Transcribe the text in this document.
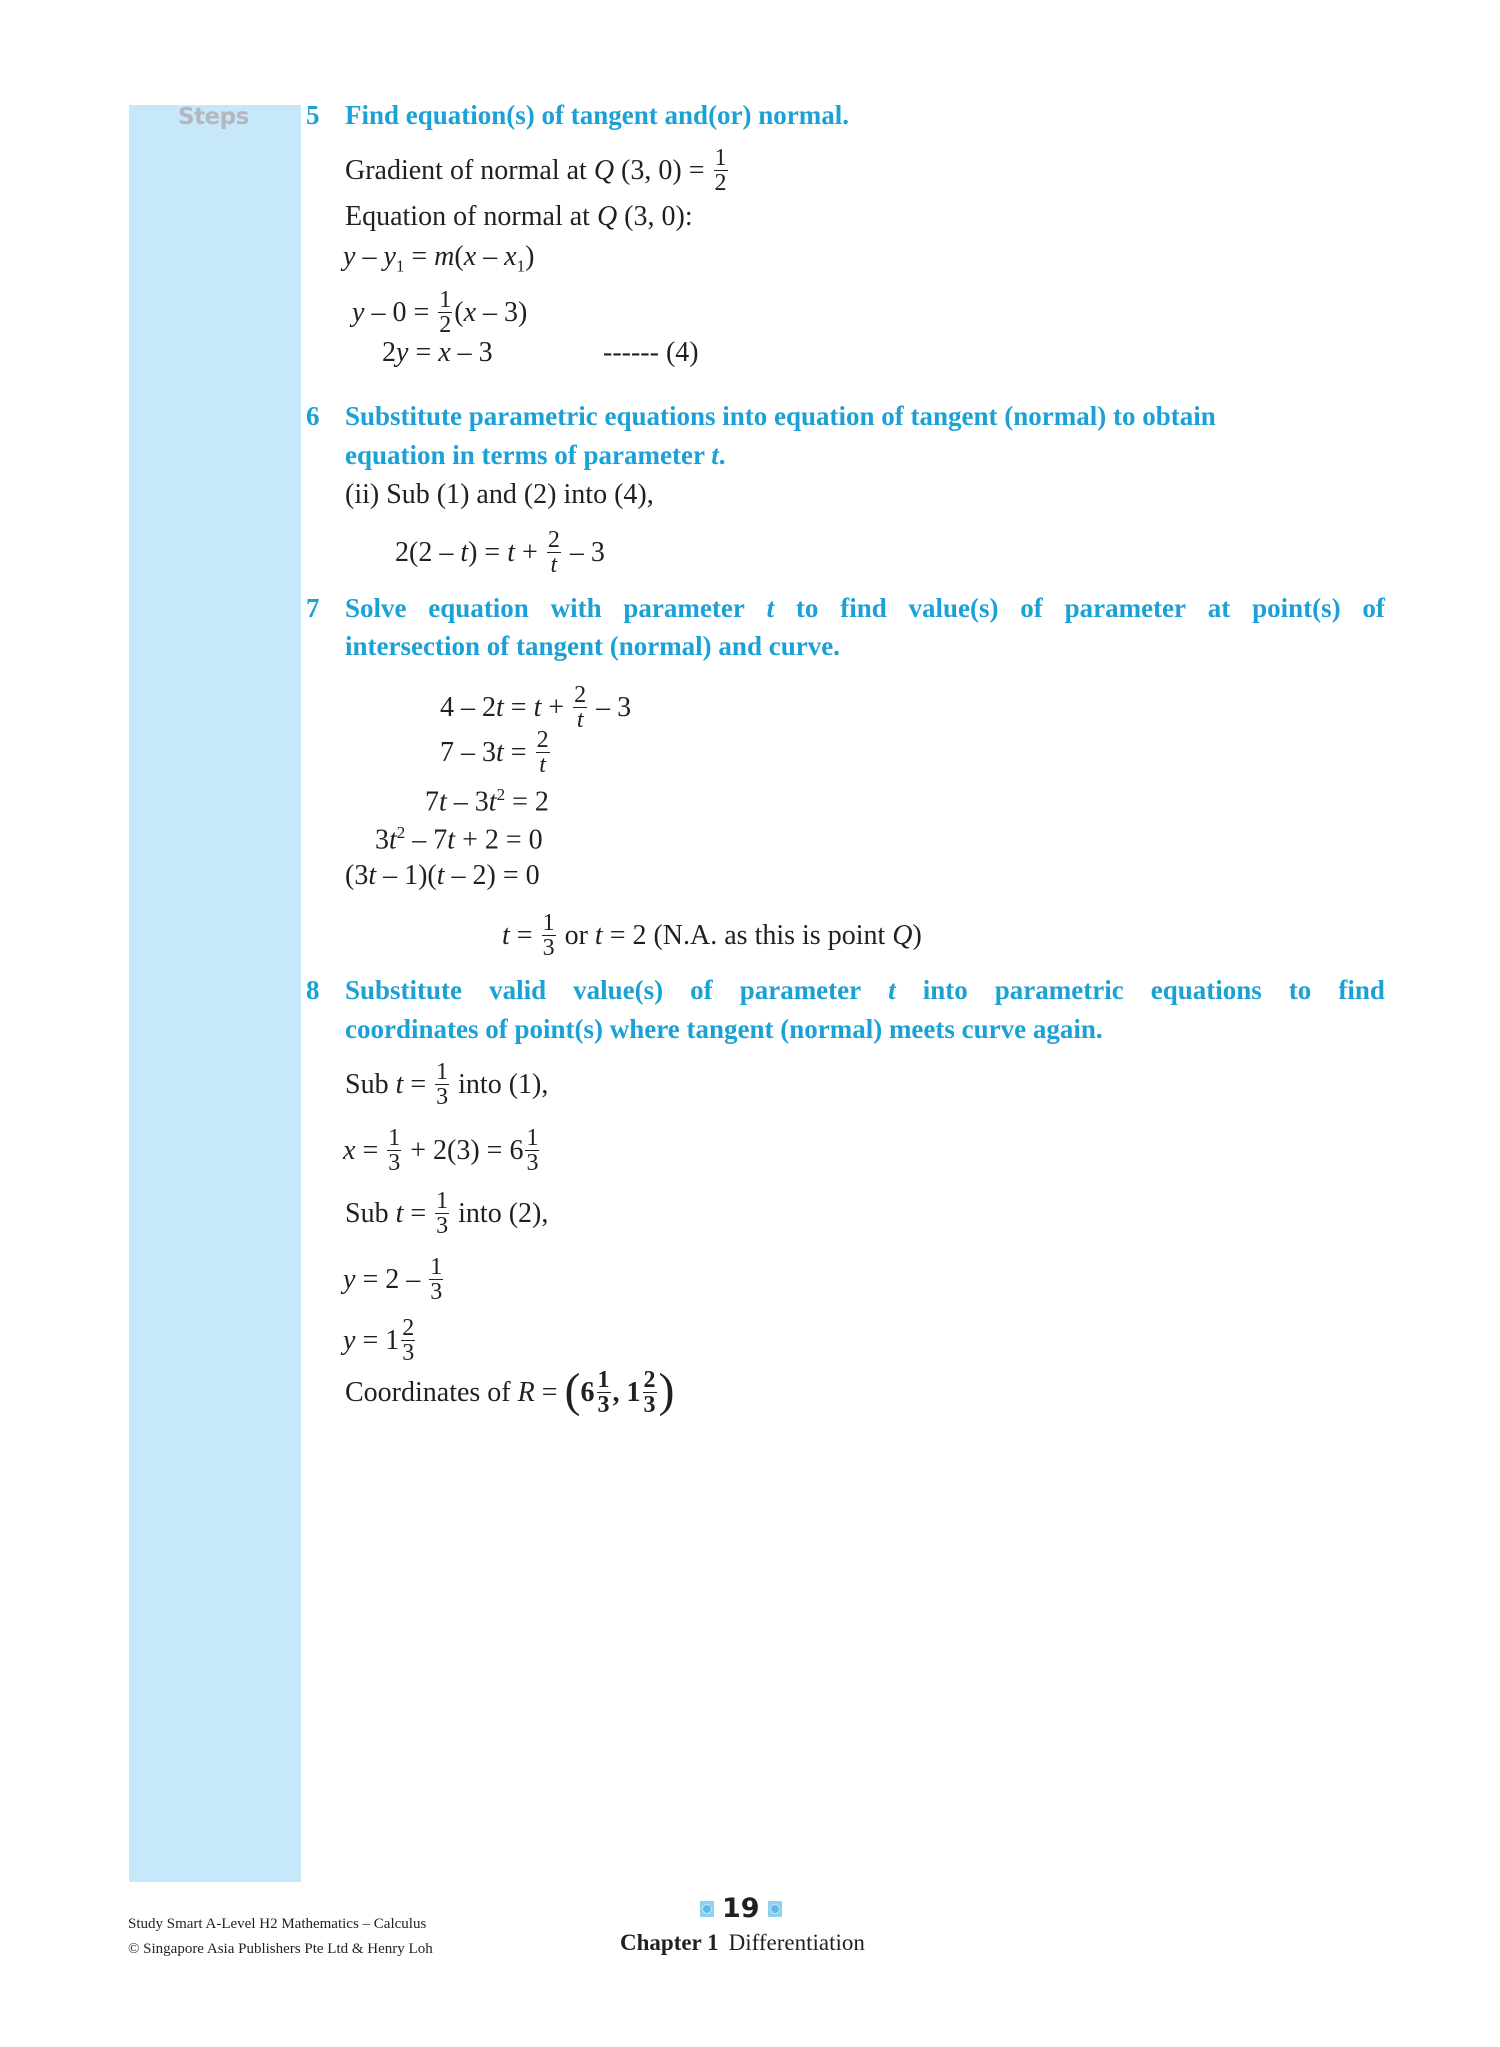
Steps 5 Find equation(s) of tangent and(or) normal.
Gradient of normal at Q (3, $0) = \frac{1}{2}$
Equation of normal at Q (3, 0):
$y - y_1 = m(x - x_1)$
$y - 0 = \frac{1}{2} (x - 3)$
2y = x – 3	------ (4)
6 Substitute parametric equations into equation of tangent (normal) to obtain
equation in terms of parameter t.
(ii) Sub (1) and (2) into (4),
$2(2 - t) = t + \frac{2}{t} - 3$
7 Solve equation with parameter t to find value(s) of parameter at point(s) of
intersection of tangent (normal) and curve.
$4 - 2t = t + \frac{2}{t} - 3$
$7 - 3t = \frac{2}{t}$
$7t - 3t^2 = 2$
$3t^2 - 7t + 2 = 0$
(3t – 1)(t – 2) = 0
$t = \frac{1}{3}$ or t = 2 (N.A. as this is point Q)
8 Substitute valid value(s) of parameter t into parametric equations to find
coordinates of point(s) where tangent (normal) meets curve again.
Sub $t = \frac{1}{3}$ into (1),
$x = \frac{1}{3} + 2(3) = 6 \frac{1}{3}$
Sub $t = \frac{1}{3}$ into (2),
$y = 2 - \frac{1}{3}$
$y = 1 \frac{2}{3}$
Coordinates of $R = (6 \frac{1}{3}$ , $1 \frac{2}{3}$ )
Study Smart A-Level H2 Mathematics – Calculus
© Singapore Asia Publishers Pte Ltd & Henry Loh
19
Chapter 1 Differentiation
